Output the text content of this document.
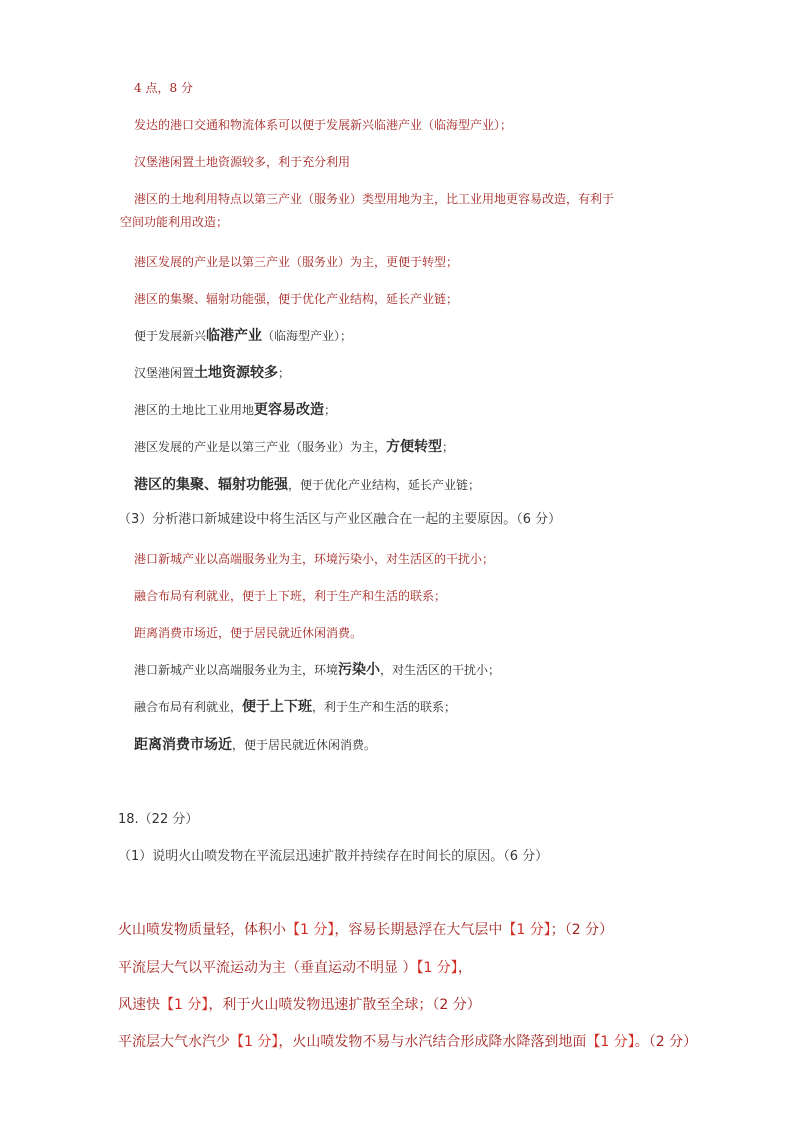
4 点，8 分
发达的港口交通和物流体系可以便于发展新兴临港产业（临海型产业）；
汉堡港闲置土地资源较多，利于充分利用
港区的土地利用特点以第三产业（服务业）类型用地为主，比工业用地更容易改造，有利于
空间功能利用改造；
港区发展的产业是以第三产业（服务业）为主，更便于转型；
港区的集聚、辐射功能强，便于优化产业结构，延长产业链；
便于发展新兴临港产业（临海型产业）；
汉堡港闲置土地资源较多；
港区的土地比工业用地更容易改造；
港区发展的产业是以第三产业（服务业）为主，方便转型；
港区的集聚、辐射功能强，便于优化产业结构，延长产业链；
（3）分析港口新城建设中将生活区与产业区融合在一起的主要原因。（6 分）
港口新城产业以高端服务业为主，环境污染小，对生活区的干扰小；
融合布局有利就业，便于上下班，利于生产和生活的联系；
距离消费市场近，便于居民就近休闲消费。
港口新城产业以高端服务业为主，环境污染小，对生活区的干扰小；
融合布局有利就业，便于上下班，利于生产和生活的联系；
距离消费市场近，便于居民就近休闲消费。
18.（22 分）
（1）说明火山喷发物在平流层迅速扩散并持续存在时间长的原因。（6 分）
火山喷发物质量轻，体积小【1 分】，容易长期悬浮在大气层中【1 分】；（2 分）
平流层大气以平流运动为主（垂直运动不明显 ）【1 分】，
风速快【1 分】，利于火山喷发物迅速扩散至全球；（2 分）
平流层大气水汽少【1 分】，火山喷发物不易与水汽结合形成降水降落到地面【1 分】。（2 分）
